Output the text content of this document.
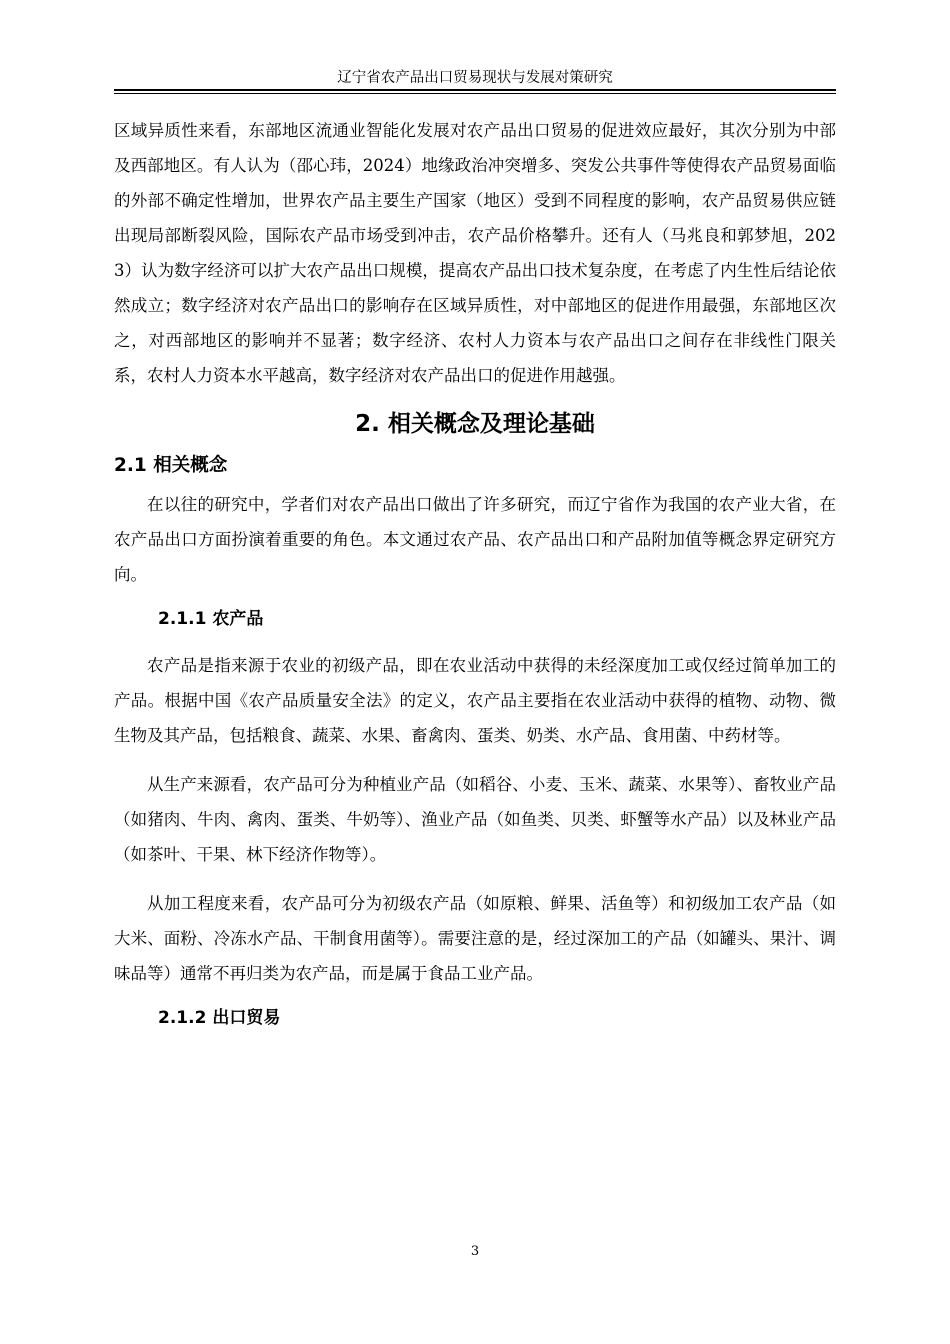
辽宁省农产品出口贸易现状与发展对策研究

区域异质性来看，东部地区流通业智能化发展对农产品出口贸易的促进效应最好，其次分别为中部及西部地区。有人认为（邵心玮，2024）地缘政治冲突增多、突发公共事件等使得农产品贸易面临的外部不确定性增加，世界农产品主要生产国家（地区）受到不同程度的影响，农产品贸易供应链出现局部断裂风险，国际农产品市场受到冲击，农产品价格攀升。还有人（马兆良和郭梦旭，2023）认为数字经济可以扩大农产品出口规模，提高农产品出口技术复杂度，在考虑了内生性后结论依然成立；数字经济对农产品出口的影响存在区域异质性，对中部地区的促进作用最强，东部地区次之，对西部地区的影响并不显著；数字经济、农村人力资本与农产品出口之间存在非线性门限关系，农村人力资本水平越高，数字经济对农产品出口的促进作用越强。

2. 相关概念及理论基础
2.1 相关概念

在以往的研究中，学者们对农产品出口做出了许多研究，而辽宁省作为我国的农产业大省，在农产品出口方面扮演着重要的角色。本文通过农产品、农产品出口和产品附加值等概念界定研究方向。

2.1.1 农产品

农产品是指来源于农业的初级产品，即在农业活动中获得的未经深度加工或仅经过简单加工的产品。根据中国《农产品质量安全法》的定义，农产品主要指在农业活动中获得的植物、动物、微生物及其产品，包括粮食、蔬菜、水果、畜禽肉、蛋类、奶类、水产品、食用菌、中药材等。

从生产来源看，农产品可分为种植业产品（如稻谷、小麦、玉米、蔬菜、水果等）、畜牧业产品（如猪肉、牛肉、禽肉、蛋类、牛奶等）、渔业产品（如鱼类、贝类、虾蟹等水产品）以及林业产品（如茶叶、干果、林下经济作物等）。

从加工程度来看，农产品可分为初级农产品（如原粮、鲜果、活鱼等）和初级加工农产品（如大米、面粉、冷冻水产品、干制食用菌等）。需要注意的是，经过深加工的产品（如罐头、果汁、调味品等）通常不再归类为农产品，而是属于食品工业产品。

2.1.2 出口贸易
3
